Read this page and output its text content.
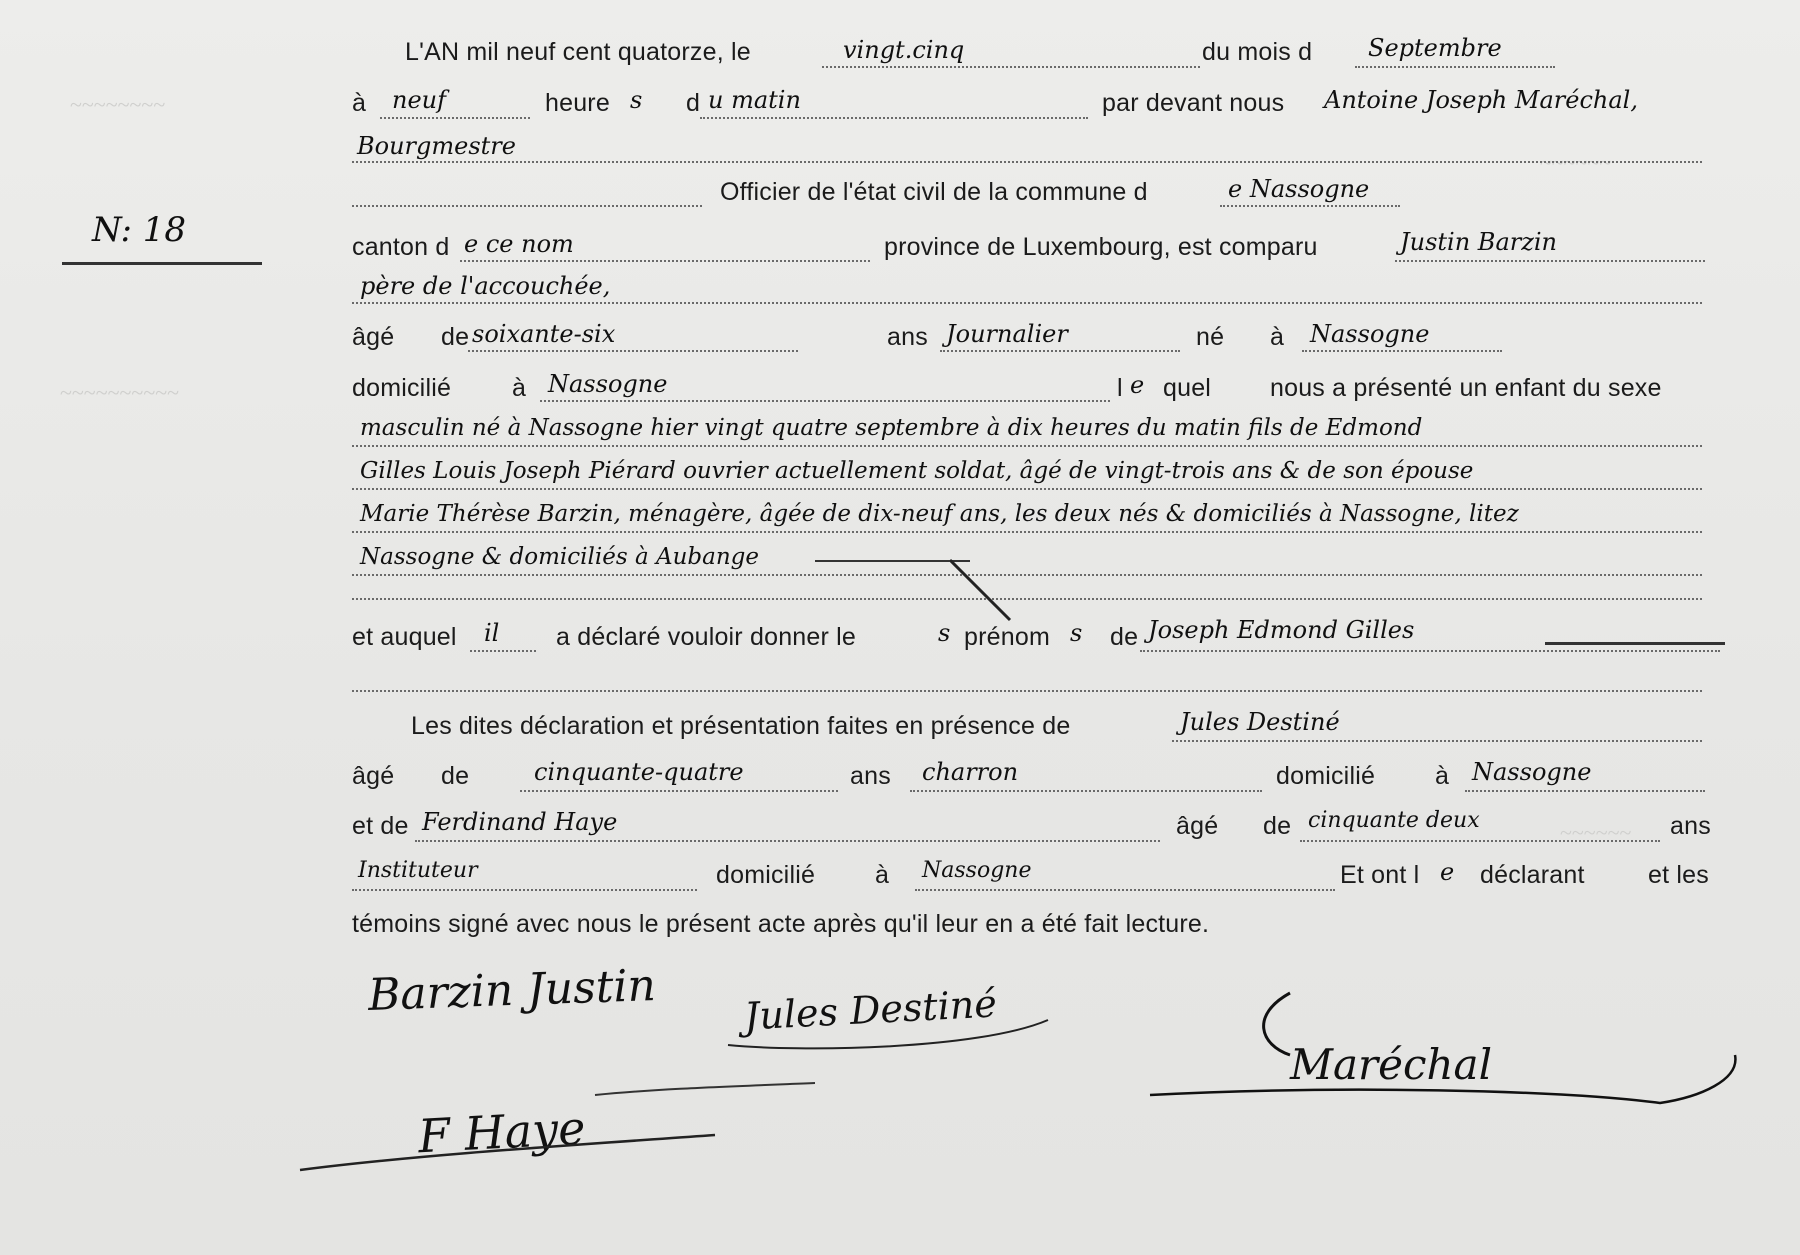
~~~~~~~~
~~~~~~
~~~~~~~~~~
~~~~~~
N: 18
L'AN mil neuf cent quatorze, le	vingt.cinq	du mois d Septembre
à neuf	heure s d u matin	par devant nous Antoine Joseph Maréchal,
Bourgmestre
Officier de l'état civil de la commune d	e Nassogne
canton d e ce nom	province de Luxembourg, est comparu	Justin Barzin
père de l'accouchée,
âgé de soixante-six	ans Journalier	né à Nassogne
domicilié à Nassogne	l e quel nous a présenté un enfant du sexe
masculin né à Nassogne hier vingt quatre septembre à dix heures du matin fils de Edmond
Gilles Louis Joseph Piérard ouvrier actuellement soldat, âgé de vingt-trois ans & de son épouse
Marie Thérèse Barzin, ménagère, âgée de dix-neuf ans, les deux nés & domiciliés à Nassogne, litez
Nassogne & domiciliés à Aubange
et auquel il a déclaré vouloir donner le	s prénom s de Joseph Edmond Gilles
Les dites déclaration et présentation faites en présence de	Jules Destiné
âgé de	cinquante-quatre	ans charron	domicilié à Nassogne
et de Ferdinand Haye	âgé de cinquante deux	ans
Instituteur	domicilié à Nassogne	Et ont l e déclarant	et les
témoins signé avec nous le présent acte après qu'il leur en a été fait lecture.
Barzin Justin Jules Destiné
Maréchal
F Haye
